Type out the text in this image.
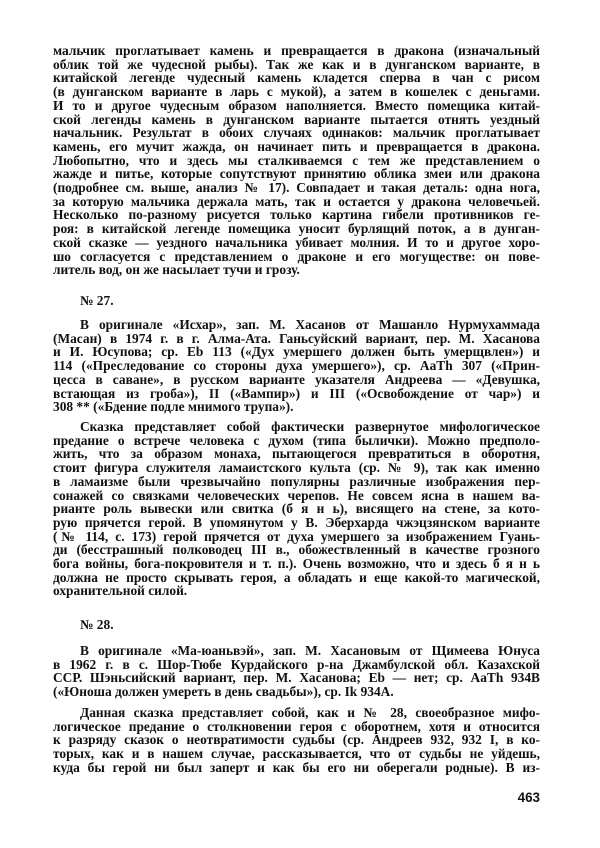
мальчик проглатывает камень и превращается в дракона (изначальный
облик той же чудесной рыбы). Так же как и в дунганском варианте, в
китайской легенде чудесный камень кладется сперва в чан с рисом
(в дунганском варианте в ларь с мукой), а затем в кошелек с деньгами.
И то и другое чудесным образом наполняется. Вместо помещика китай-
ской легенды камень в дунганском варианте пытается отнять уездный
начальник. Результат в обоих случаях одинаков: мальчик проглатывает
камень, его мучит жажда, он начинает пить и превращается в дракона.
Любопытно, что и здесь мы сталкиваемся с тем же представлением о
жажде и питье, которые сопутствуют принятию облика змеи или дракона
(подробнее см. выше, анализ № 17). Совпадает и такая деталь: одна нога,
за которую мальчика держала мать, так и остается у дракона человечьей.
Несколько по-разному рисуется только картина гибели противников ге-
роя: в китайской легенде помещика уносит бурлящий поток, а в дунган-
ской сказке — уездного начальника убивает молния. И то и другое хоро-
шо согласуется с представлением о драконе и его могуществе: он пове-
литель вод, он же насылает тучи и грозу.
№ 27.
В оригинале «Исхар», зап. М. Хасанов от Машанло Нурмухаммада
(Масан) в 1974 г. в г. Алма-Ата. Ганьсуйский вариант, пер. М. Хасанова
и И. Юсупова; ср. Eb 113 («Дух умершего должен быть умерщвлен») и
114 («Преследование со стороны духа умершего»), ср. AaTh 307 («Прин-
цесса в саване», в русском варианте указателя Андреева — «Девушка,
встающая из гроба»), II («Вампир») и III («Освобождение от чар») и
308 ** («Бдение подле мнимого трупа»).
Сказка представляет собой фактически развернутое мифологическое
предание о встрече человека с духом (типа былички). Можно предполо-
жить, что за образом монаха, пытающегося превратиться в оборотня,
стоит фигура служителя ламаистского культа (ср. № 9), так как именно
в ламаизме были чрезвычайно популярны различные изображения пер-
сонажей со связками человеческих черепов. Не совсем ясна в нашем ва-
рианте роль вывески или свитка (б я н ь), висящего на стене, за кото-
рую прячется герой. В упомянутом у В. Эберхарда чжэцзянском варианте
(№ 114, с. 173) герой прячется от духа умершего за изображением Гуань-
ди (бесстрашный полководец III в., обожествленный в качестве грозного
бога войны, бога-покровителя и т. п.). Очень возможно, что и здесь б я н ь
должна не просто скрывать героя, а обладать и еще какой-то магической,
охранительной силой.
№ 28.
В оригинале «Ма-юаньвэй», зап. М. Хасановым от Щимеева Юнуса
в 1962 г. в с. Шор-Тюбе Курдайского р-на Джамбулской обл. Казахской
ССР. Шэньсийский вариант, пер. М. Хасанова; Eb — нет; ср. AaTh 934B
(«Юноша должен умереть в день свадьбы»), ср. Ik 934A.
Данная сказка представляет собой, как и № 28, своеобразное мифо-
логическое предание о столкновении героя с оборотнем, хотя и относится
к разряду сказок о неотвратимости судьбы (ср. Андреев 932, 932 I, в ко-
торых, как и в нашем случае, рассказывается, что от судьбы не уйдешь,
куда бы герой ни был заперт и как бы его ни оберегали родные). В из-
463
